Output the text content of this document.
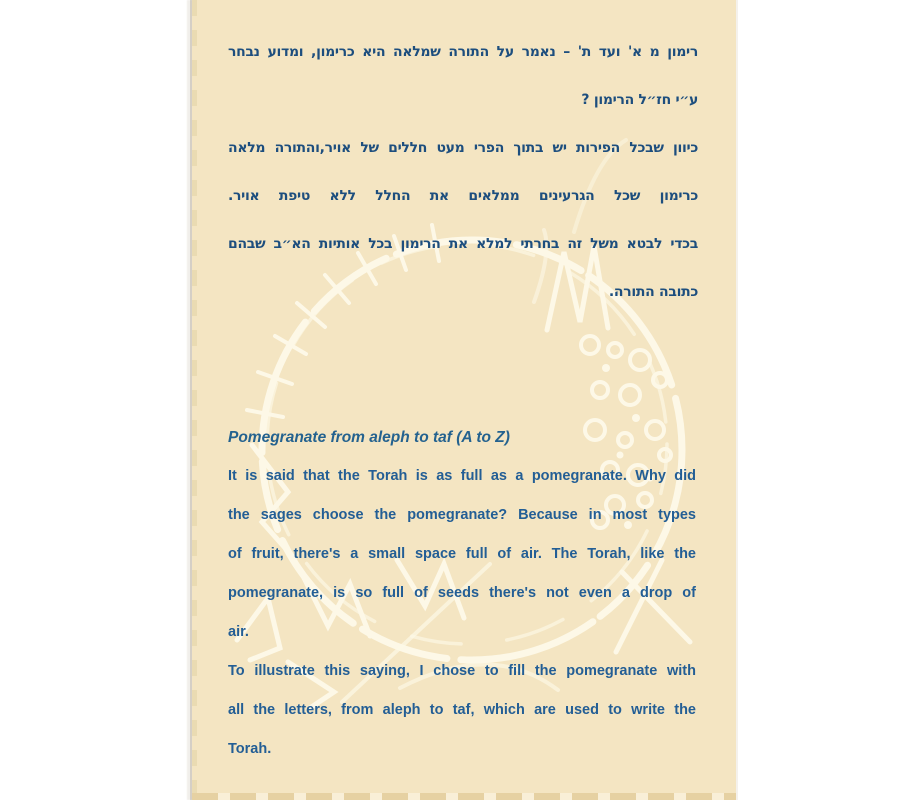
רימון מ א' ועד ת' – נאמר על התורה שמלאה היא כרימון, ומדוע נבחר
ע״י חז״ל הרימון ?
כיוון שבכל הפירות יש בתוך הפרי מעט חללים של אויר,והתורה מלאה
כרימון שכל הגרעינים ממלאים את החלל ללא טיפת אויר.
בכדי לבטא משל זה בחרתי למלא את הרימון בכל אותיות הא״ב שבהם
כתובה התורה.
Pomegranate from aleph to taf (A to Z)
It is said that the Torah is as full as a pomegranate. Why did
the sages choose the pomegranate? Because in most types
of fruit, there's a small space full of air. The Torah, like the
pomegranate, is so full of seeds there's not even a drop of
air.
To illustrate this saying, I chose to fill the pomegranate with
all the letters, from aleph to taf, which are used to write the
Torah.
